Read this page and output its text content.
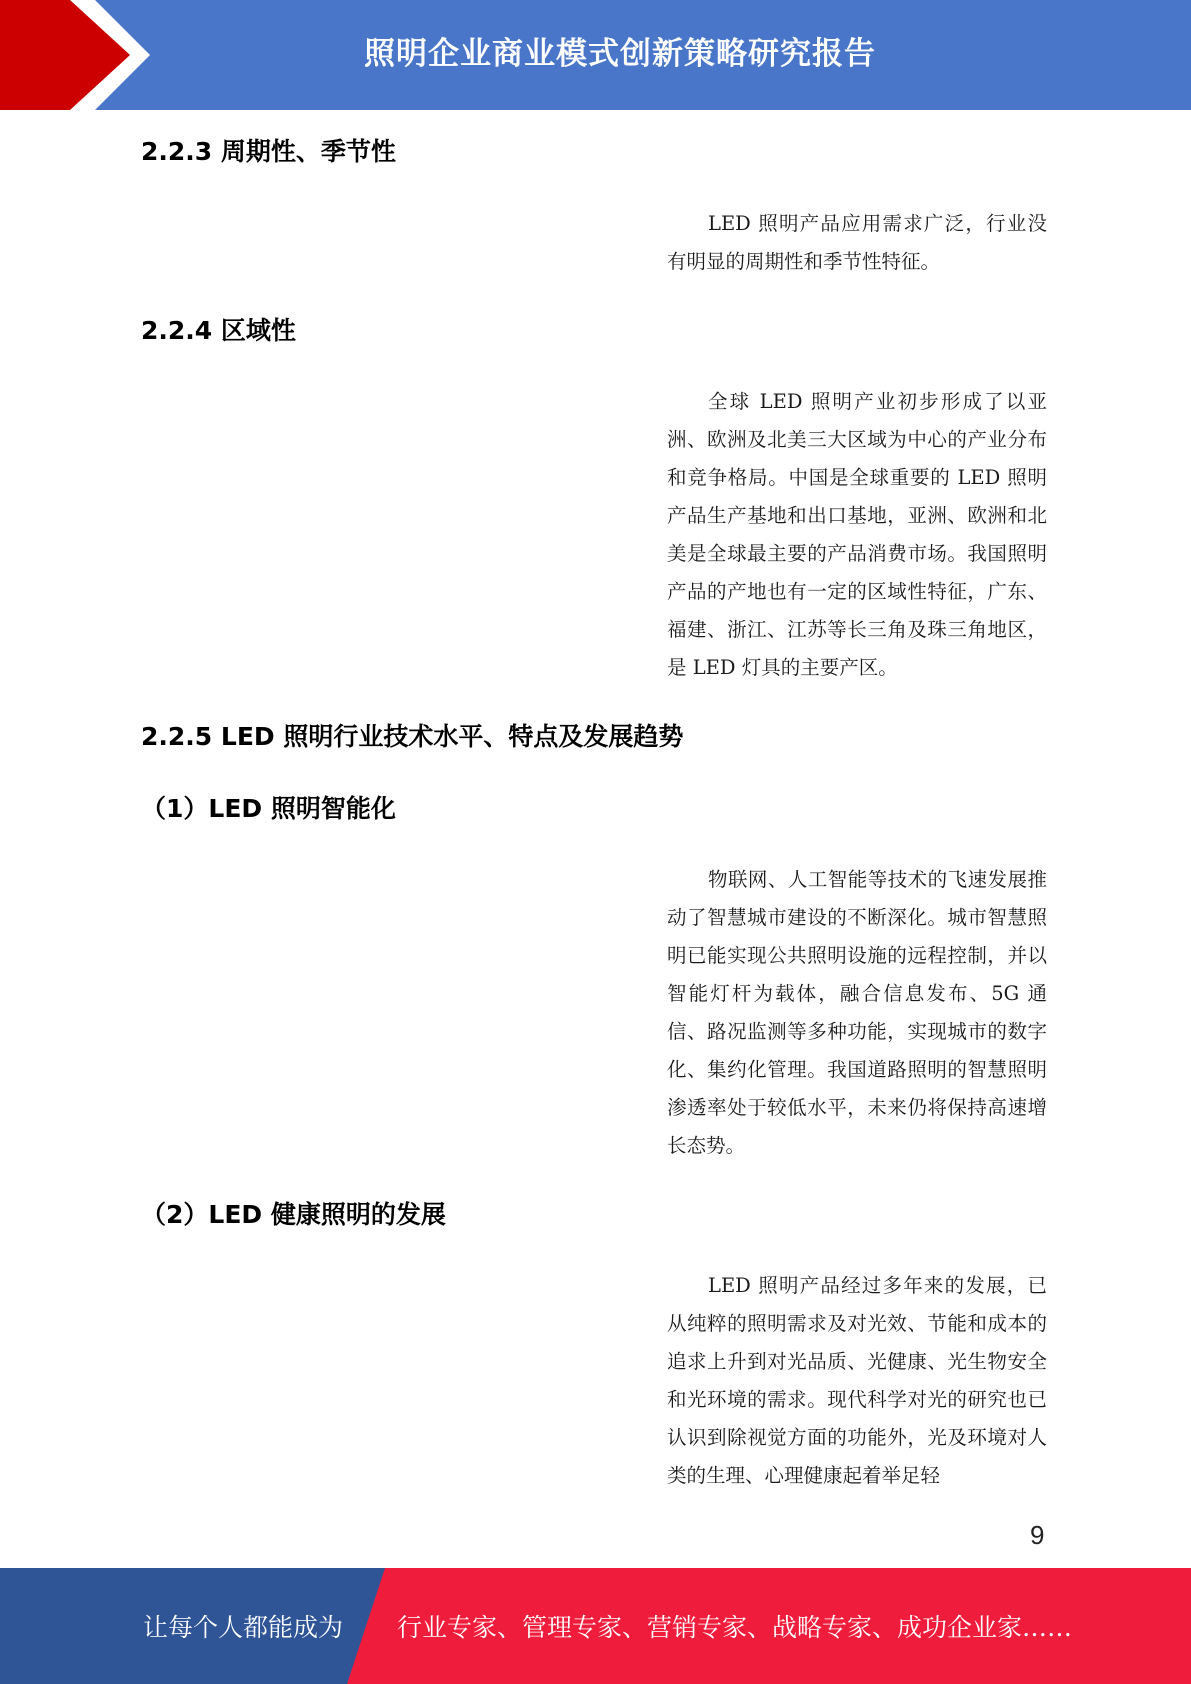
照明企业商业模式创新策略研究报告
2.2.3 周期性、季节性

LED 照明产品应用需求广泛，行业没有明显的周期性和季节性特征。

2.2.4 区域性

全球 LED 照明产业初步形成了以亚洲、欧洲及北美三大区域为中心的产业分布和竞争格局。中国是全球重要的 LED 照明产品生产基地和出口基地，亚洲、欧洲和北美是全球最主要的产品消费市场。我国照明产品的产地也有一定的区域性特征，广东、福建、浙江、江苏等长三角及珠三角地区，是 LED 灯具的主要产区。

2.2.5 LED 照明行业技术水平、特点及发展趋势
（1）LED 照明智能化

物联网、人工智能等技术的飞速发展推动了智慧城市建设的不断深化。城市智慧照明已能实现公共照明设施的远程控制，并以智能灯杆为载体，融合信息发布、5G 通信、路况监测等多种功能，实现城市的数字化、集约化管理。我国道路照明的智慧照明渗透率处于较低水平，未来仍将保持高速增长态势。

（2）LED 健康照明的发展

LED 照明产品经过多年来的发展，已从纯粹的照明需求及对光效、节能和成本的追求上升到对光品质、光健康、光生物安全和光环境的需求。现代科学对光的研究也已认识到除视觉方面的功能外，光及环境对人类的生理、心理健康起着举足轻

9
让每个人都能成为 行业专家、管理专家、营销专家、战略专家、成功企业家……
